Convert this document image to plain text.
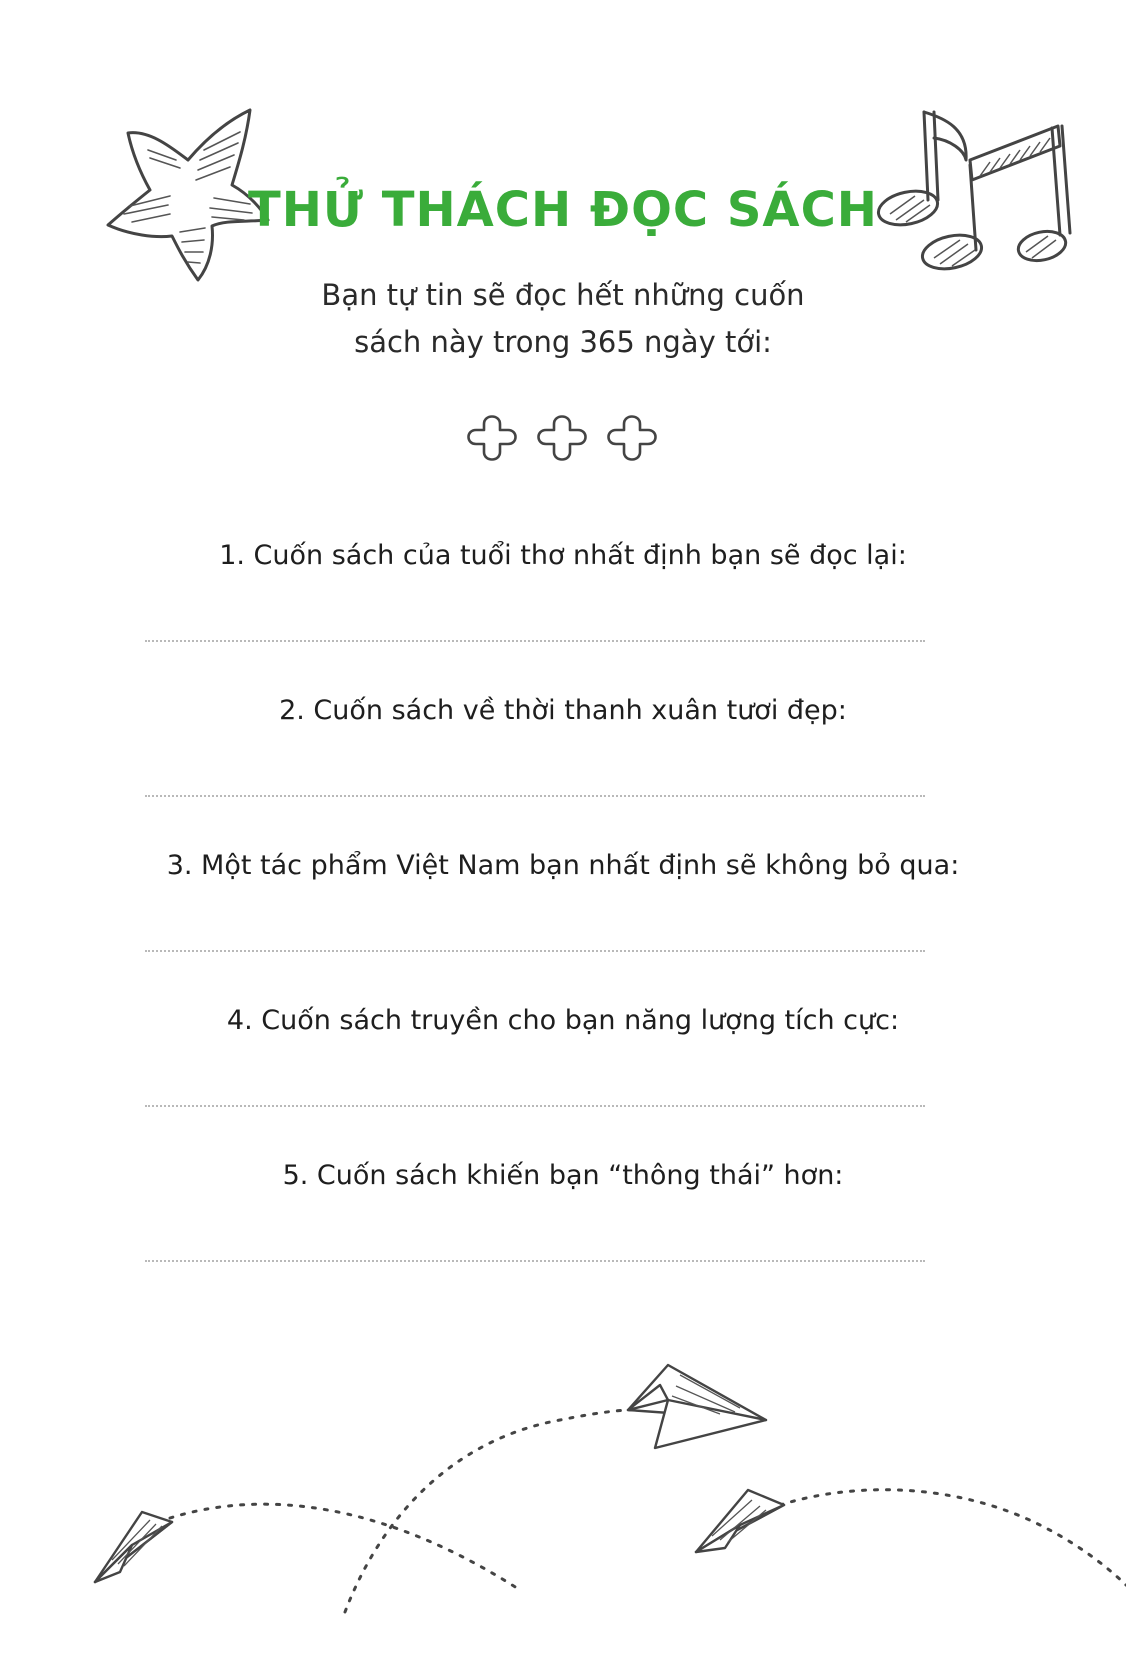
THỬ THÁCH ĐỌC SÁCH
Bạn tự tin sẽ đọc hết những cuốn
sách này trong 365 ngày tới:

1. Cuốn sách của tuổi thơ nhất định bạn sẽ đọc lại:

2. Cuốn sách về thời thanh xuân tươi đẹp:

3. Một tác phẩm Việt Nam bạn nhất định sẽ không bỏ qua:

4. Cuốn sách truyền cho bạn năng lượng tích cực:

5. Cuốn sách khiến bạn “thông thái” hơn:
